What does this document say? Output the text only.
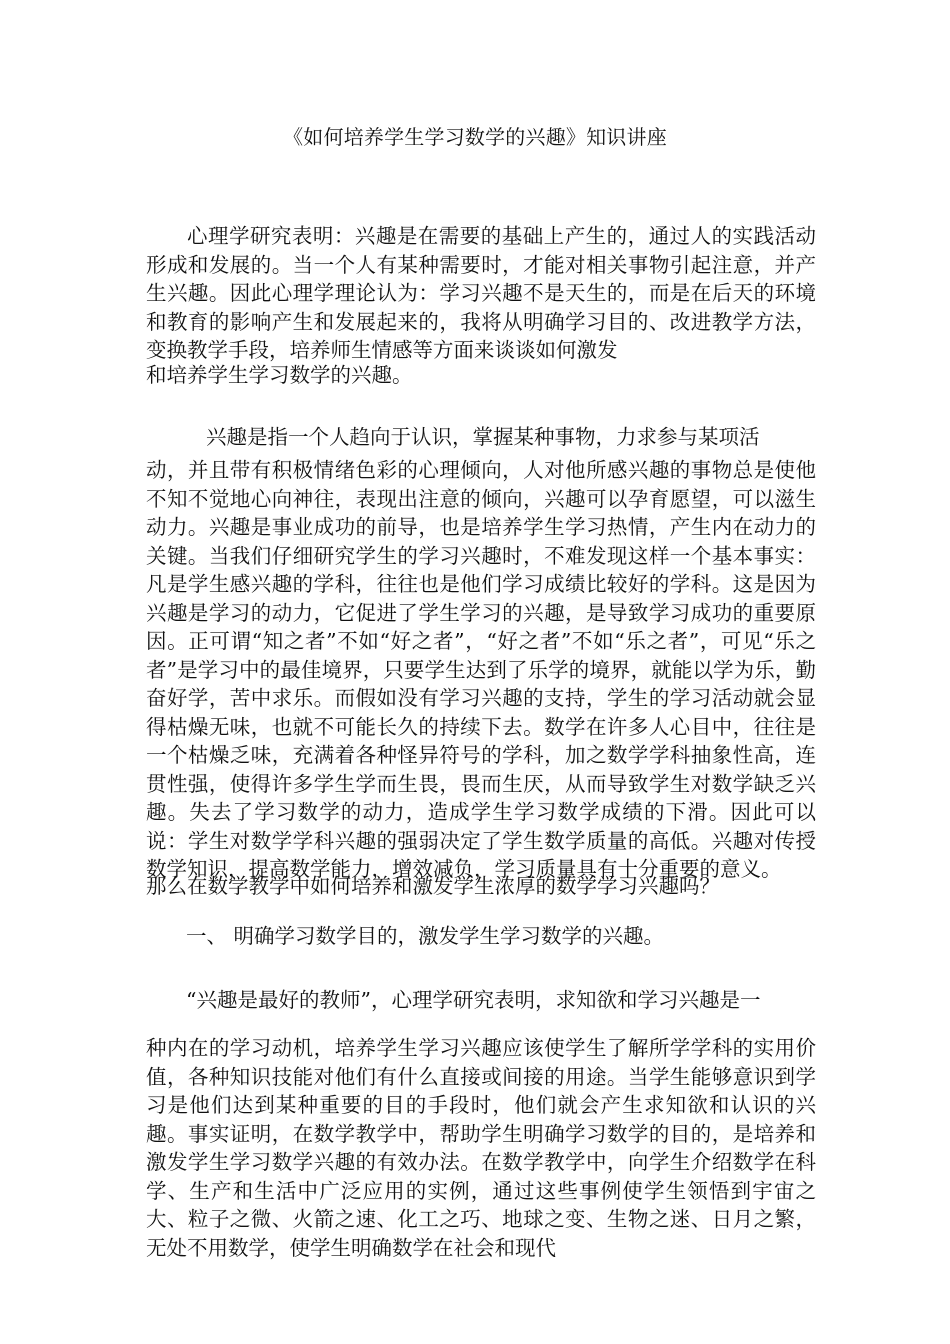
《如何培养学生学习数学的兴趣》知识讲座

心理学研究表明：兴趣是在需要的基础上产生的，通过人的实践活动形成和发展的。当一个人有某种需要时，才能对相关事物引起注意，并产生兴趣。因此心理学理论认为：学习兴趣不是天生的，而是在后天的环境和教育的影响产生和发展起来的，我将从明确学习目的、改进教学方法，变换教学手段，培养师生情感等方面来谈谈如何激发

和培养学生学习数学的兴趣。

兴趣是指一个人趋向于认识，掌握某种事物，力求参与某项活

动，并且带有积极情绪色彩的心理倾向，人对他所感兴趣的事物总是使他不知不觉地心向神往，表现出注意的倾向，兴趣可以孕育愿望，可以滋生动力。兴趣是事业成功的前导，也是培养学生学习热情，产生内在动力的关键。当我们仔细研究学生的学习兴趣时，不难发现这样一个基本事实：凡是学生感兴趣的学科，往往也是他们学习成绩比较好的学科。这是因为兴趣是学习的动力，它促进了学生学习的兴趣，是导致学习成功的重要原因。正可谓“知之者”不如“好之者”，“好之者”不如“乐之者”，可见“乐之者”是学习中的最佳境界，只要学生达到了乐学的境界，就能以学为乐，勤奋好学，苦中求乐。而假如没有学习兴趣的支持，学生的学习活动就会显得枯燥无味，也就不可能长久的持续下去。数学在许多人心目中，往往是一个枯燥乏味，充满着各种怪异符号的学科，加之数学学科抽象性高，连贯性强，使得许多学生学而生畏，畏而生厌，从而导致学生对数学缺乏兴趣。失去了学习数学的动力，造成学生学习数学成绩的下滑。因此可以说：学生对数学学科兴趣的强弱决定了学生数学质量的高低。兴趣对传授数学知识，提高数学能力，增效减负，学习质量具有十分重要的意义。

那么在数学教学中如何培养和激发学生浓厚的数学学习兴趣吗？

一、 明确学习数学目的，激发学生学习数学的兴趣。

“兴趣是最好的教师”，心理学研究表明，求知欲和学习兴趣是一

种内在的学习动机，培养学生学习兴趣应该使学生了解所学学科的实用价值，各种知识技能对他们有什么直接或间接的用途。当学生能够意识到学习是他们达到某种重要的目的手段时，他们就会产生求知欲和认识的兴趣。事实证明，在数学教学中，帮助学生明确学习数学的目的，是培养和激发学生学习数学兴趣的有效办法。在数学教学中，向学生介绍数学在科学、生产和生活中广泛应用的实例，通过这些事例使学生领悟到宇宙之大、粒子之微、火箭之速、化工之巧、地球之变、生物之迷、日月之繁，无处不用数学，使学生明确数学在社会和现代
